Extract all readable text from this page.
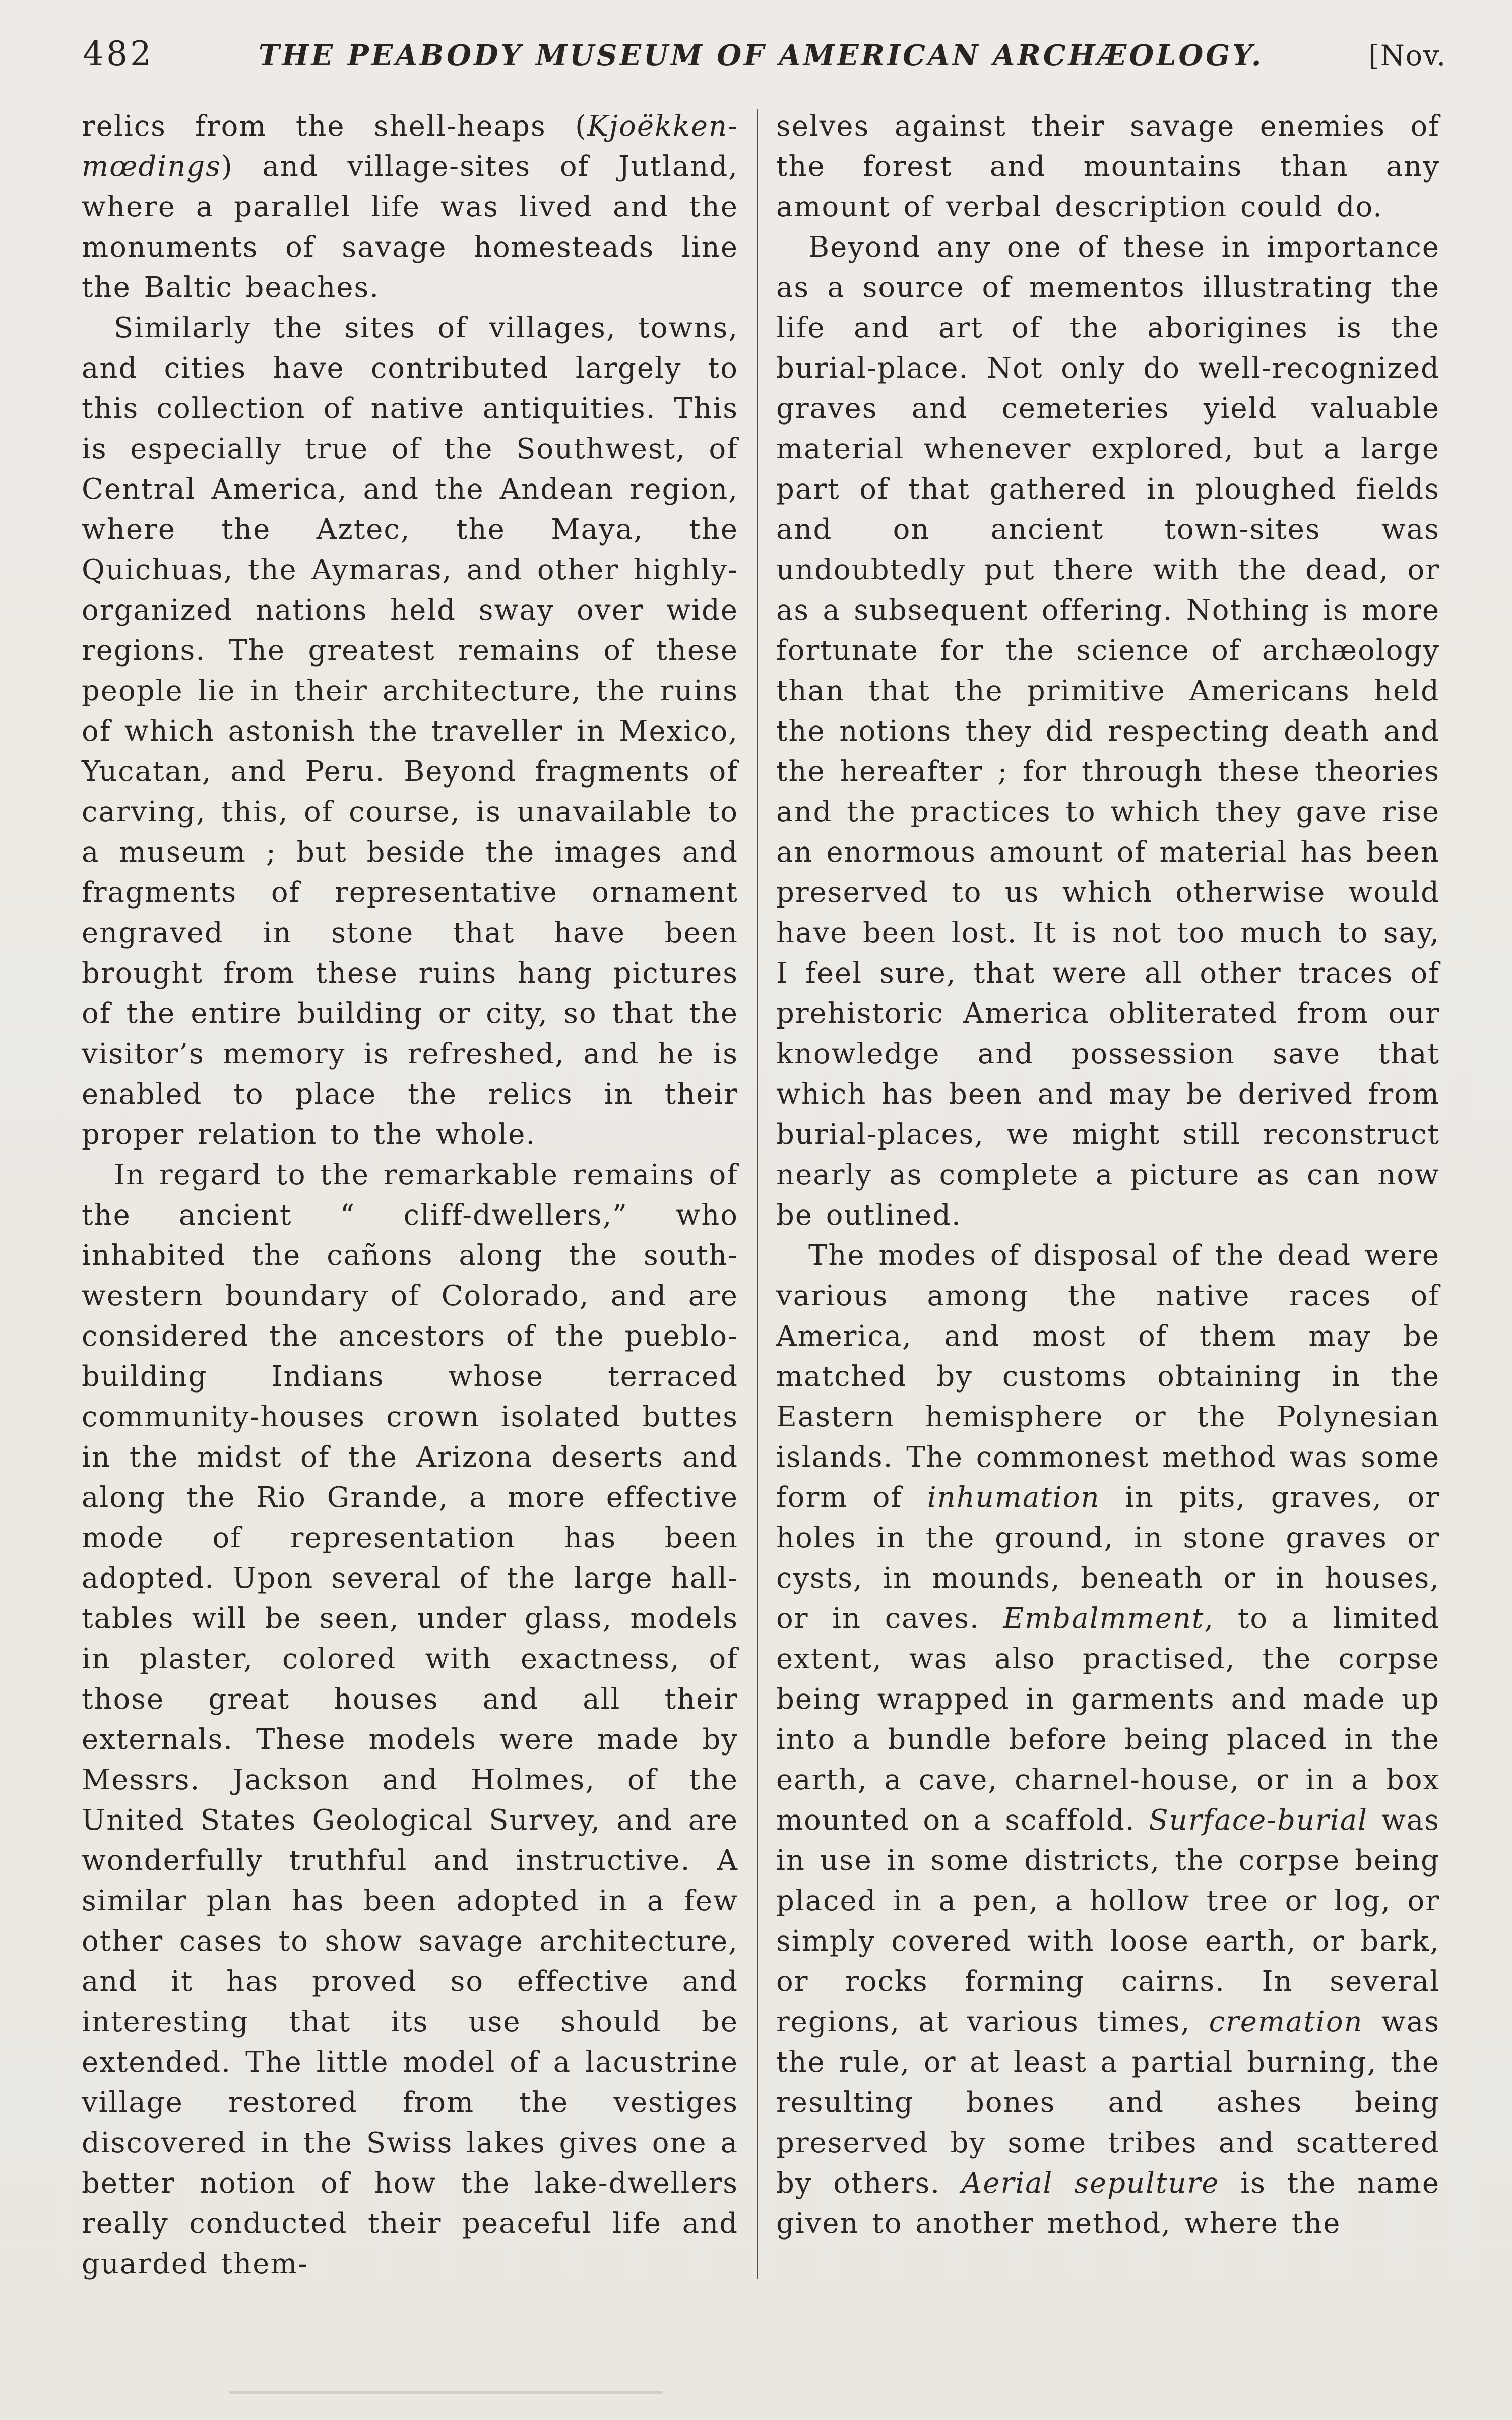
482	THE PEABODY MUSEUM OF AMERICAN ARCHÆOLOGY.	[Nov.

relics from the shell-heaps (Kjoëkken-mœdings) and village-sites of Jutland, where a parallel life was lived and the monuments of savage homesteads line the Baltic beaches.

Similarly the sites of villages, towns, and cities have contributed largely to this collection of native antiquities. This is especially true of the Southwest, of Central America, and the Andean region, where the Aztec, the Maya, the Quichuas, the Aymaras, and other highly-organized nations held sway over wide regions. The greatest remains of these people lie in their architecture, the ruins of which astonish the traveller in Mexico, Yucatan, and Peru. Beyond fragments of carving, this, of course, is unavailable to a museum ; but beside the images and fragments of representative ornament engraved in stone that have been brought from these ruins hang pictures of the entire building or city, so that the visitor’s memory is refreshed, and he is enabled to place the relics in their proper relation to the whole.

In regard to the remarkable remains of the ancient “ cliff-dwellers,” who inhabited the cañons along the south-western boundary of Colorado, and are considered the ancestors of the pueblo-building Indians whose terraced community-houses crown isolated buttes in the midst of the Arizona deserts and along the Rio Grande, a more effective mode of representation has been adopted. Upon several of the large hall-tables will be seen, under glass, models in plaster, colored with exactness, of those great houses and all their externals. These models were made by Messrs. Jackson and Holmes, of the United States Geological Survey, and are wonderfully truthful and instructive. A similar plan has been adopted in a few other cases to show savage architecture, and it has proved so effective and interesting that its use should be extended. The little model of a lacustrine village restored from the vestiges discovered in the Swiss lakes gives one a better notion of how the lake-dwellers really conducted their peaceful life and guarded them-

selves against their savage enemies of the forest and mountains than any amount of verbal description could do.

Beyond any one of these in importance as a source of mementos illustrating the life and art of the aborigines is the burial-place. Not only do well-recognized graves and cemeteries yield valuable material whenever explored, but a large part of that gathered in ploughed fields and on ancient town-sites was undoubtedly put there with the dead, or as a subsequent offering. Nothing is more fortunate for the science of archæology than that the primitive Americans held the notions they did respecting death and the hereafter ; for through these theories and the practices to which they gave rise an enormous amount of material has been preserved to us which otherwise would have been lost. It is not too much to say, I feel sure, that were all other traces of prehistoric America obliterated from our knowledge and possession save that which has been and may be derived from burial-places, we might still reconstruct nearly as complete a picture as can now be outlined.

The modes of disposal of the dead were various among the native races of America, and most of them may be matched by customs obtaining in the Eastern hemisphere or the Polynesian islands. The commonest method was some form of inhumation in pits, graves, or holes in the ground, in stone graves or cysts, in mounds, beneath or in houses, or in caves. Embalmment, to a limited extent, was also practised, the corpse being wrapped in garments and made up into a bundle before being placed in the earth, a cave, charnel-house, or in a box mounted on a scaffold. Surface-burial was in use in some districts, the corpse being placed in a pen, a hollow tree or log, or simply covered with loose earth, or bark, or rocks forming cairns. In several regions, at various times, cremation was the rule, or at least a partial burning, the resulting bones and ashes being preserved by some tribes and scattered by others. Aerial sepulture is the name given to another method, where the
